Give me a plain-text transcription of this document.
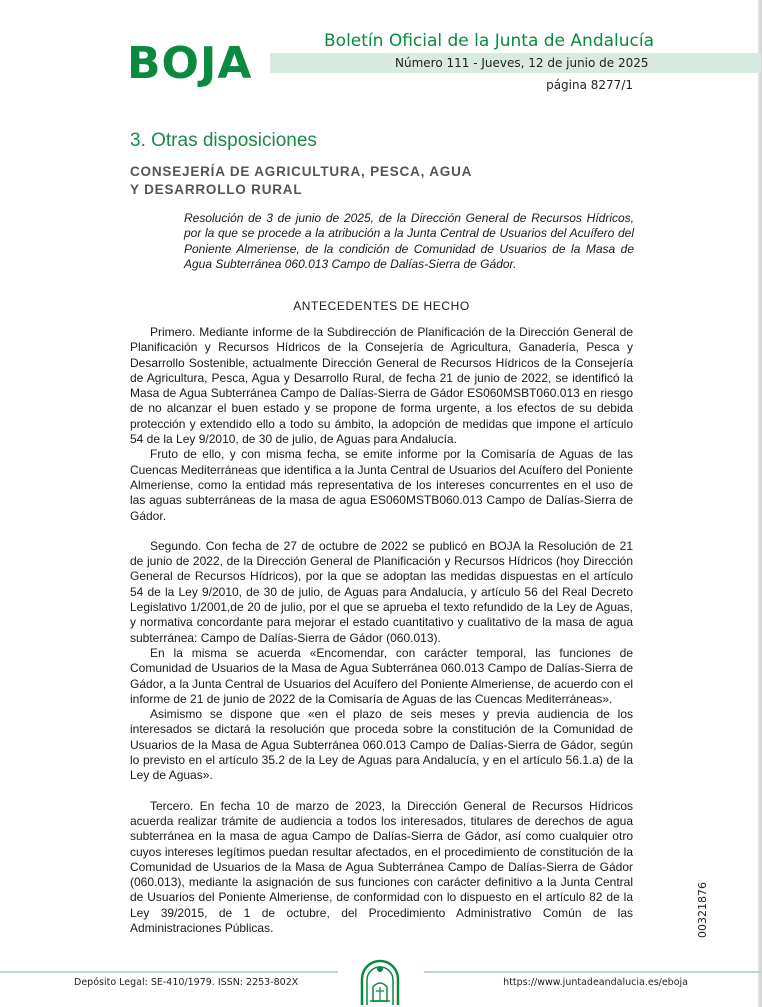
BOJA	Boletín Oficial de la Junta de Andalucía
Número 111 - Jueves, 12 de junio de 2025
página 8277/1
3. Otras disposiciones
CONSEJERÍA DE AGRICULTURA, PESCA, AGUA
Y DESARROLLO RURAL

Resolución de 3 de junio de 2025, de la Dirección General de Recursos Hídricos, por la que se procede a la atribución a la Junta Central de Usuarios del Acuífero del Poniente Almeriense, de la condición de Comunidad de Usuarios de la Masa de Agua Subterránea 060.013 Campo de Dalías-Sierra de Gádor.

ANTECEDENTES DE HECHO

Primero. Mediante informe de la Subdirección de Planificación de la Dirección General de Planificación y Recursos Hídricos de la Consejería de Agricultura, Ganadería, Pesca y Desarrollo Sostenible, actualmente Dirección General de Recursos Hídricos de la Consejería de Agricultura, Pesca, Agua y Desarrollo Rural, de fecha 21 de junio de 2022, se identificó la Masa de Agua Subterránea Campo de Dalías-Sierra de Gádor ES060MSBT060.013 en riesgo de no alcanzar el buen estado y se propone de forma urgente, a los efectos de su debida protección y extendido ello a todo su ámbito, la adopción de medidas que impone el artículo 54 de la Ley 9/2010, de 30 de julio, de Aguas para Andalucía.

Fruto de ello, y con misma fecha, se emite informe por la Comisaría de Aguas de las Cuencas Mediterráneas que identifica a la Junta Central de Usuarios del Acuífero del Poniente Almeriense, como la entidad más representativa de los intereses concurrentes en el uso de las aguas subterráneas de la masa de agua ES060MSTB060.013 Campo de Dalías-Sierra de Gádor.

Segundo. Con fecha de 27 de octubre de 2022 se publicó en BOJA la Resolución de 21 de junio de 2022, de la Dirección General de Planificación y Recursos Hídricos (hoy Dirección General de Recursos Hídricos), por la que se adoptan las medidas dispuestas en el artículo 54 de la Ley 9/2010, de 30 de julio, de Aguas para Andalucía, y artículo 56 del Real Decreto Legislativo 1/2001,de 20 de julio, por el que se aprueba el texto refundido de la Ley de Aguas, y normativa concordante para mejorar el estado cuantitativo y cualitativo de la masa de agua subterránea: Campo de Dalías-Sierra de Gádor (060.013).

En la misma se acuerda «Encomendar, con carácter temporal, las funciones de Comunidad de Usuarios de la Masa de Agua Subterránea 060.013 Campo de Dalías-Sierra de Gádor, a la Junta Central de Usuarios del Acuífero del Poniente Almeriense, de acuerdo con el informe de 21 de junio de 2022 de la Comisaría de Aguas de las Cuencas Mediterráneas».

Asimismo se dispone que «en el plazo de seis meses y previa audiencia de los interesados se dictará la resolución que proceda sobre la constitución de la Comunidad de Usuarios de la Masa de Agua Subterránea 060.013 Campo de Dalías-Sierra de Gádor, según lo previsto en el artículo 35.2 de la Ley de Aguas para Andalucía, y en el artículo 56.1.a) de la Ley de Aguas».

Tercero. En fecha 10 de marzo de 2023, la Dirección General de Recursos Hídricos acuerda realizar trámite de audiencia a todos los interesados, titulares de derechos de agua subterránea en la masa de agua Campo de Dalías-Sierra de Gádor, así como cualquier otro cuyos intereses legítimos puedan resultar afectados, en el procedimiento de constitución de la Comunidad de Usuarios de la Masa de Agua Subterránea Campo de Dalías-Sierra de Gádor (060.013), mediante la asignación de sus funciones con carácter definitivo a la Junta Central de Usuarios del Poniente Almeriense, de conformidad con lo dispuesto en el artículo 82 de la Ley 39/2015, de 1 de octubre, del Procedimiento Administrativo Común de las Administraciones Públicas.	00321876
Depósito Legal: SE-410/1979. ISSN: 2253-802X	https://www.juntadeandalucia.es/eboja
